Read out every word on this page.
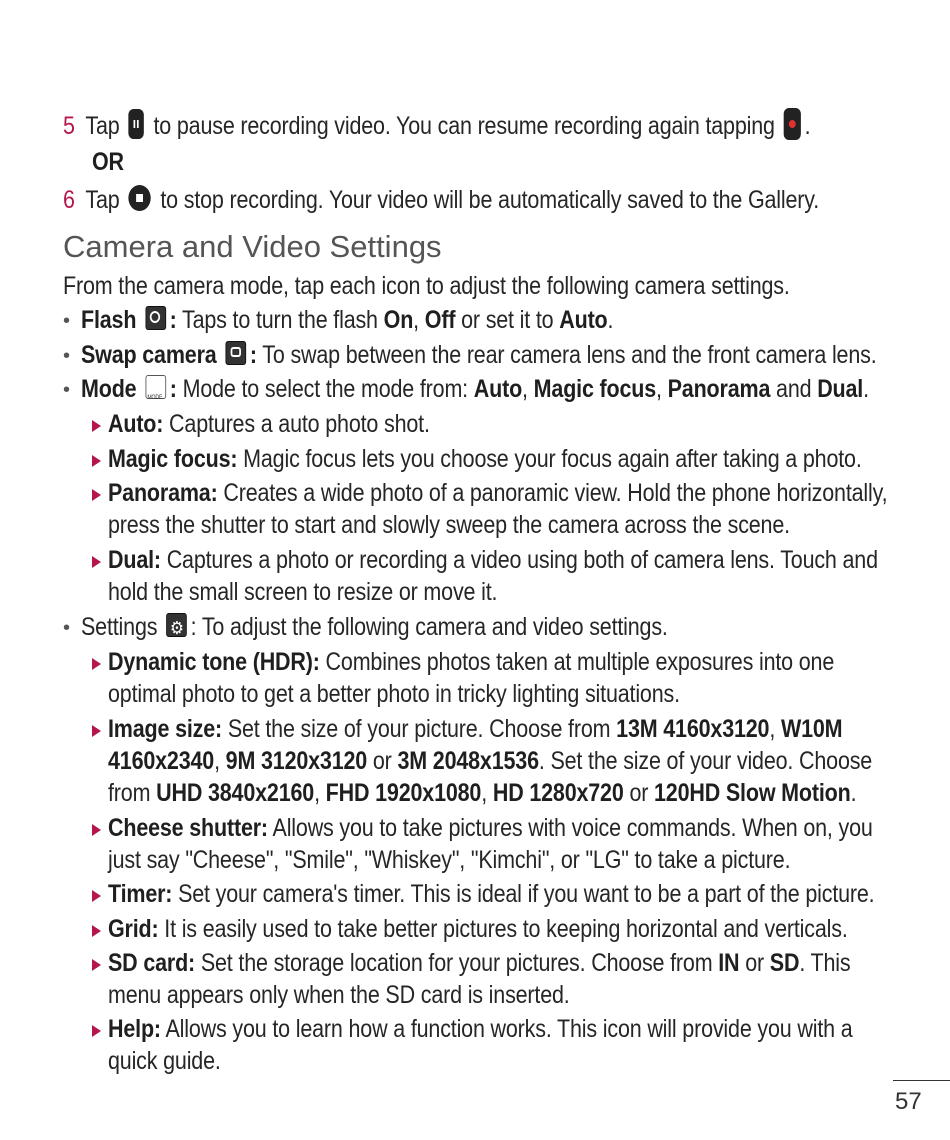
5 Tap to pause recording video. You can resume recording again tapping .
OR
6 Tap to stop recording. Your video will be automatically saved to the Gallery.
Camera and Video Settings
From the camera mode, tap each icon to adjust the following camera settings.
• Flash : Taps to turn the flash On, Off or set it to Auto.
• Swap camera : To swap between the rear camera lens and the front camera lens.
• Mode MODE : Mode to select the mode from: Auto, Magic focus, Panorama and Dual.
Auto: Captures a auto photo shot.
Magic focus: Magic focus lets you choose your focus again after taking a photo.
Panorama: Creates a wide photo of a panoramic view. Hold the phone horizontally,
press the shutter to start and slowly sweep the camera across the scene.
Dual: Captures a photo or recording a video using both of camera lens. Touch and
hold the small screen to resize or move it.
• Settings ⚙ : To adjust the following camera and video settings.
Dynamic tone (HDR): Combines photos taken at multiple exposures into one
optimal photo to get a better photo in tricky lighting situations.
Image size: Set the size of your picture. Choose from 13M 4160x3120, W10M
4160x2340, 9M 3120x3120 or 3M 2048x1536. Set the size of your video. Choose
from UHD 3840x2160, FHD 1920x1080, HD 1280x720 or 120HD Slow Motion.
Cheese shutter: Allows you to take pictures with voice commands. When on, you
just say "Cheese", "Smile", "Whiskey", "Kimchi", or "LG" to take a picture.
Timer: Set your camera's timer. This is ideal if you want to be a part of the picture.
Grid: It is easily used to take better pictures to keeping horizontal and verticals.
SD card: Set the storage location for your pictures. Choose from IN or SD. This
menu appears only when the SD card is inserted.
Help: Allows you to learn how a function works. This icon will provide you with a
quick guide.
57
